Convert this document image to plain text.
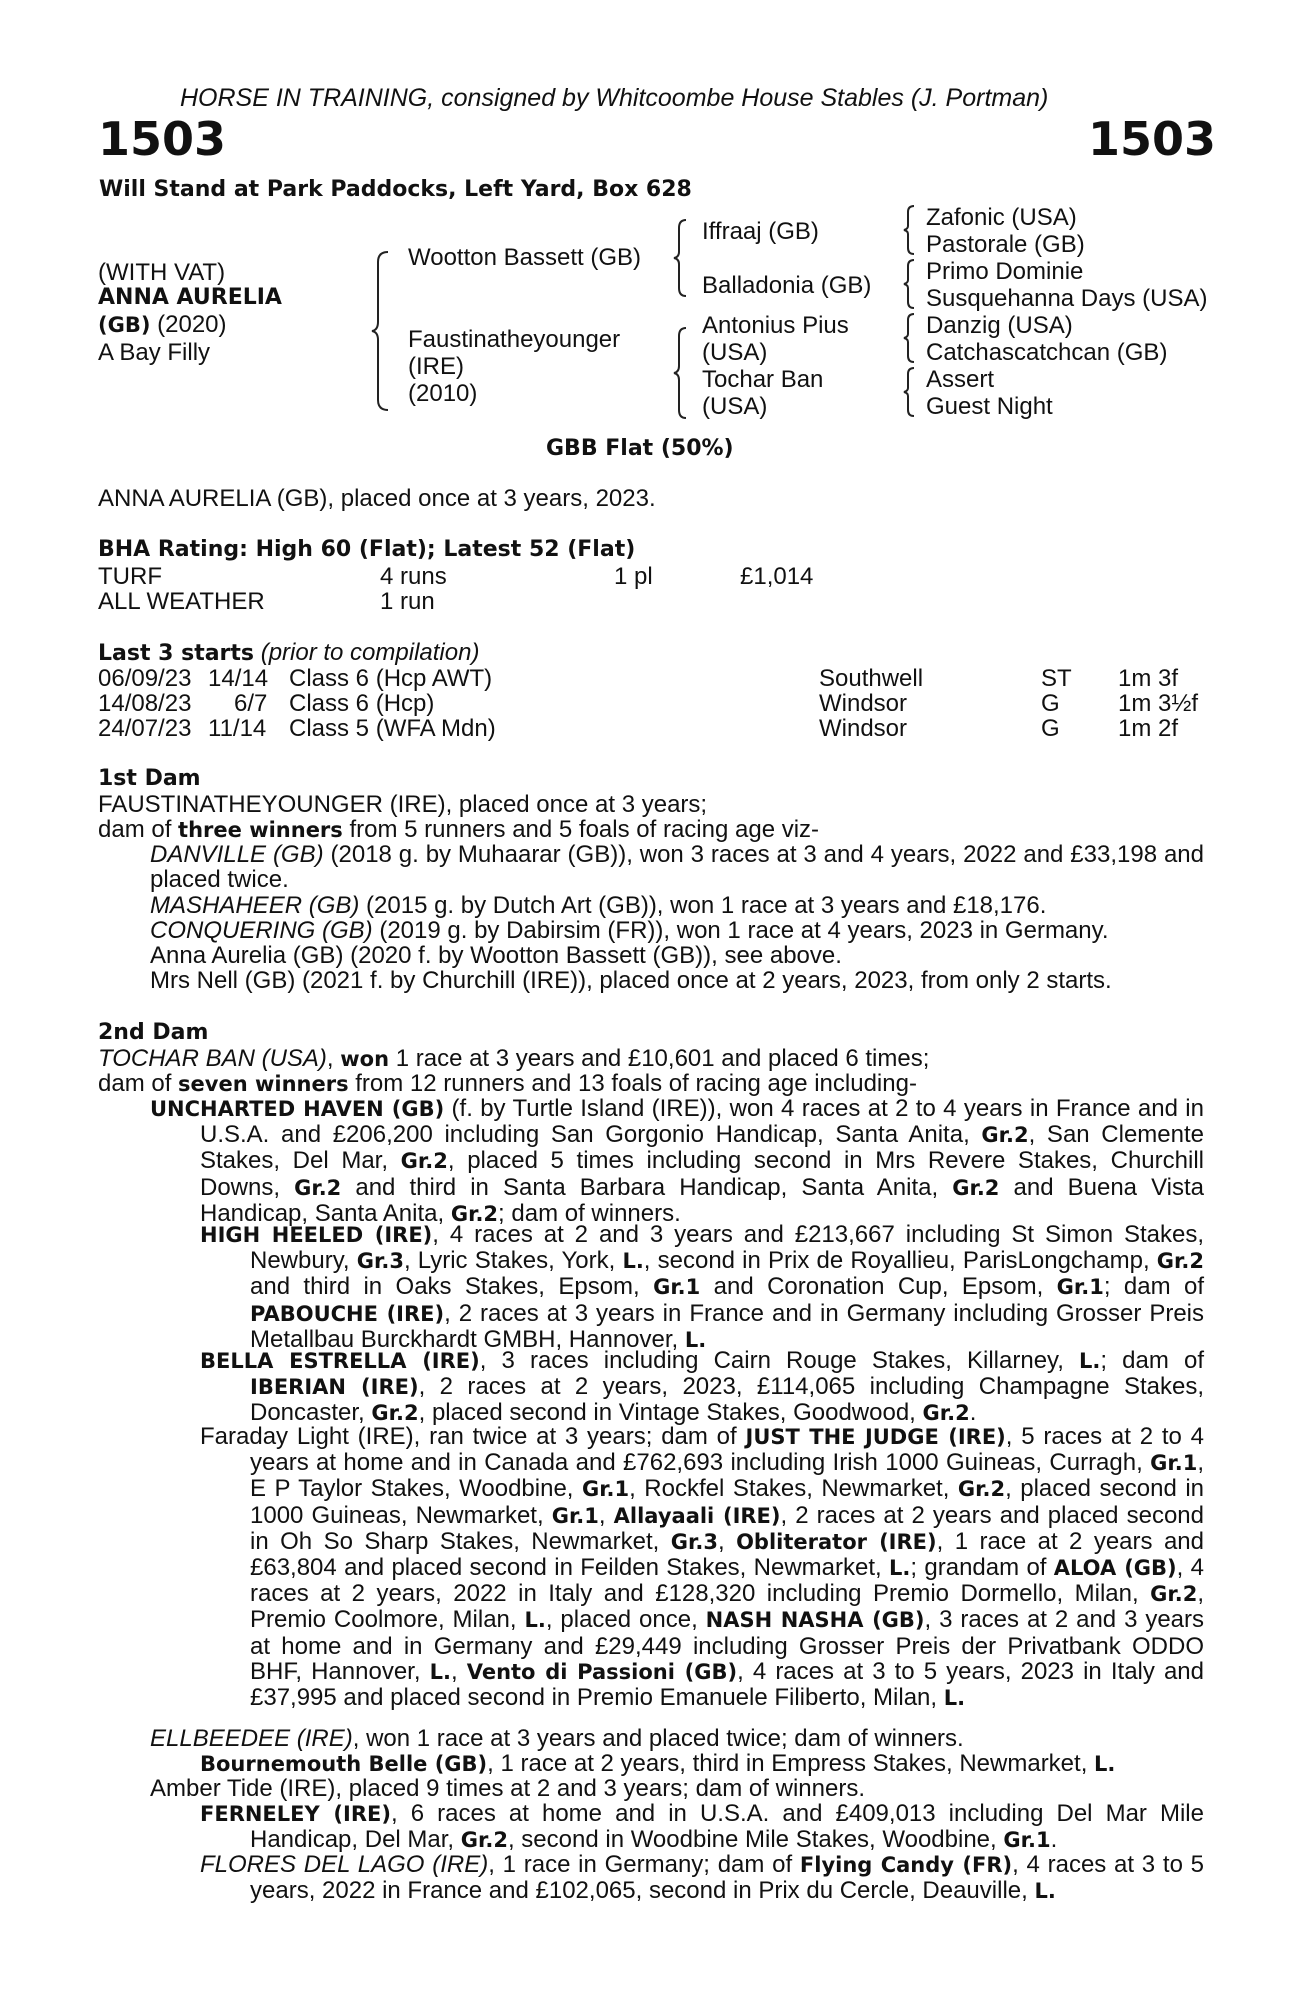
HORSE IN TRAINING, consigned by Whitcoombe House Stables (J. Portman)
1503	1503
Will Stand at Park Paddocks, Left Yard, Box 628
(WITH VAT)
ANNA AURELIA
(GB) (2020)
A Bay Filly
Wootton Bassett (GB)
Faustinatheyounger
(IRE)
(2010)
Iffraaj (GB)
Balladonia (GB)
Antonius Pius
(USA)
Tochar Ban
(USA)
Zafonic (USA)
Pastorale (GB)
Primo Dominie
Susquehanna Days (USA)
Danzig (USA)
Catchascatchcan (GB)
Assert
Guest Night
GBB Flat (50%)
ANNA AURELIA (GB), placed once at 3 years, 2023.
BHA Rating: High 60 (Flat); Latest 52 (Flat)
TURF	4 runs	1 pl	£1,014
ALL WEATHER	1 run
Last 3 starts (prior to compilation)
06/09/23 14/14 Class 6 (Hcp AWT)	Southwell	ST 1m 3f
14/08/23 6/7 Class 6 (Hcp)	Windsor	G 1m 3½f
24/07/23 11/14 Class 5 (WFA Mdn)	Windsor	G 1m 2f
1st Dam
FAUSTINATHEYOUNGER (IRE), placed once at 3 years;
dam of three winners from 5 runners and 5 foals of racing age viz-
DANVILLE (GB) (2018 g. by Muhaarar (GB)), won 3 races at 3 and 4 years, 2022 and £33,198 and placed twice.
MASHAHEER (GB) (2015 g. by Dutch Art (GB)), won 1 race at 3 years and £18,176.
CONQUERING (GB) (2019 g. by Dabirsim (FR)), won 1 race at 4 years, 2023 in Germany.
Anna Aurelia (GB) (2020 f. by Wootton Bassett (GB)), see above.
Mrs Nell (GB) (2021 f. by Churchill (IRE)), placed once at 2 years, 2023, from only 2 starts.
2nd Dam
TOCHAR BAN (USA), won 1 race at 3 years and £10,601 and placed 6 times;
dam of seven winners from 12 runners and 13 foals of racing age including-
UNCHARTED HAVEN (GB) (f. by Turtle Island (IRE)), won 4 races at 2 to 4 years in France and in U.S.A. and £206,200 including San Gorgonio Handicap, Santa Anita, Gr.2, San Clemente Stakes, Del Mar, Gr.2, placed 5 times including second in Mrs Revere Stakes, Churchill Downs, Gr.2 and third in Santa Barbara Handicap, Santa Anita, Gr.2 and Buena Vista Handicap, Santa Anita, Gr.2; dam of winners.
HIGH HEELED (IRE), 4 races at 2 and 3 years and £213,667 including St Simon Stakes, Newbury, Gr.3, Lyric Stakes, York, L., second in Prix de Royallieu, ParisLongchamp, Gr.2 and third in Oaks Stakes, Epsom, Gr.1 and Coronation Cup, Epsom, Gr.1; dam of PABOUCHE (IRE), 2 races at 3 years in France and in Germany including Grosser Preis Metallbau Burckhardt GMBH, Hannover, L.
BELLA ESTRELLA (IRE), 3 races including Cairn Rouge Stakes, Killarney, L.; dam of IBERIAN (IRE), 2 races at 2 years, 2023, £114,065 including Champagne Stakes, Doncaster, Gr.2, placed second in Vintage Stakes, Goodwood, Gr.2.
Faraday Light (IRE), ran twice at 3 years; dam of JUST THE JUDGE (IRE), 5 races at 2 to 4 years at home and in Canada and £762,693 including Irish 1000 Guineas, Curragh, Gr.1, E P Taylor Stakes, Woodbine, Gr.1, Rockfel Stakes, Newmarket, Gr.2, placed second in 1000 Guineas, Newmarket, Gr.1, Allayaali (IRE), 2 races at 2 years and placed second in Oh So Sharp Stakes, Newmarket, Gr.3, Obliterator (IRE), 1 race at 2 years and £63,804 and placed second in Feilden Stakes, Newmarket, L.; grandam of ALOA (GB), 4 races at 2 years, 2022 in Italy and £128,320 including Premio Dormello, Milan, Gr.2, Premio Coolmore, Milan, L., placed once, NASH NASHA (GB), 3 races at 2 and 3 years at home and in Germany and £29,449 including Grosser Preis der Privatbank ODDO BHF, Hannover, L., Vento di Passioni (GB), 4 races at 3 to 5 years, 2023 in Italy and £37,995 and placed second in Premio Emanuele Filiberto, Milan, L.
ELLBEEDEE (IRE), won 1 race at 3 years and placed twice; dam of winners.
Bournemouth Belle (GB), 1 race at 2 years, third in Empress Stakes, Newmarket, L.
Amber Tide (IRE), placed 9 times at 2 and 3 years; dam of winners.
FERNELEY (IRE), 6 races at home and in U.S.A. and £409,013 including Del Mar Mile Handicap, Del Mar, Gr.2, second in Woodbine Mile Stakes, Woodbine, Gr.1.
FLORES DEL LAGO (IRE), 1 race in Germany; dam of Flying Candy (FR), 4 races at 3 to 5 years, 2022 in France and £102,065, second in Prix du Cercle, Deauville, L.
